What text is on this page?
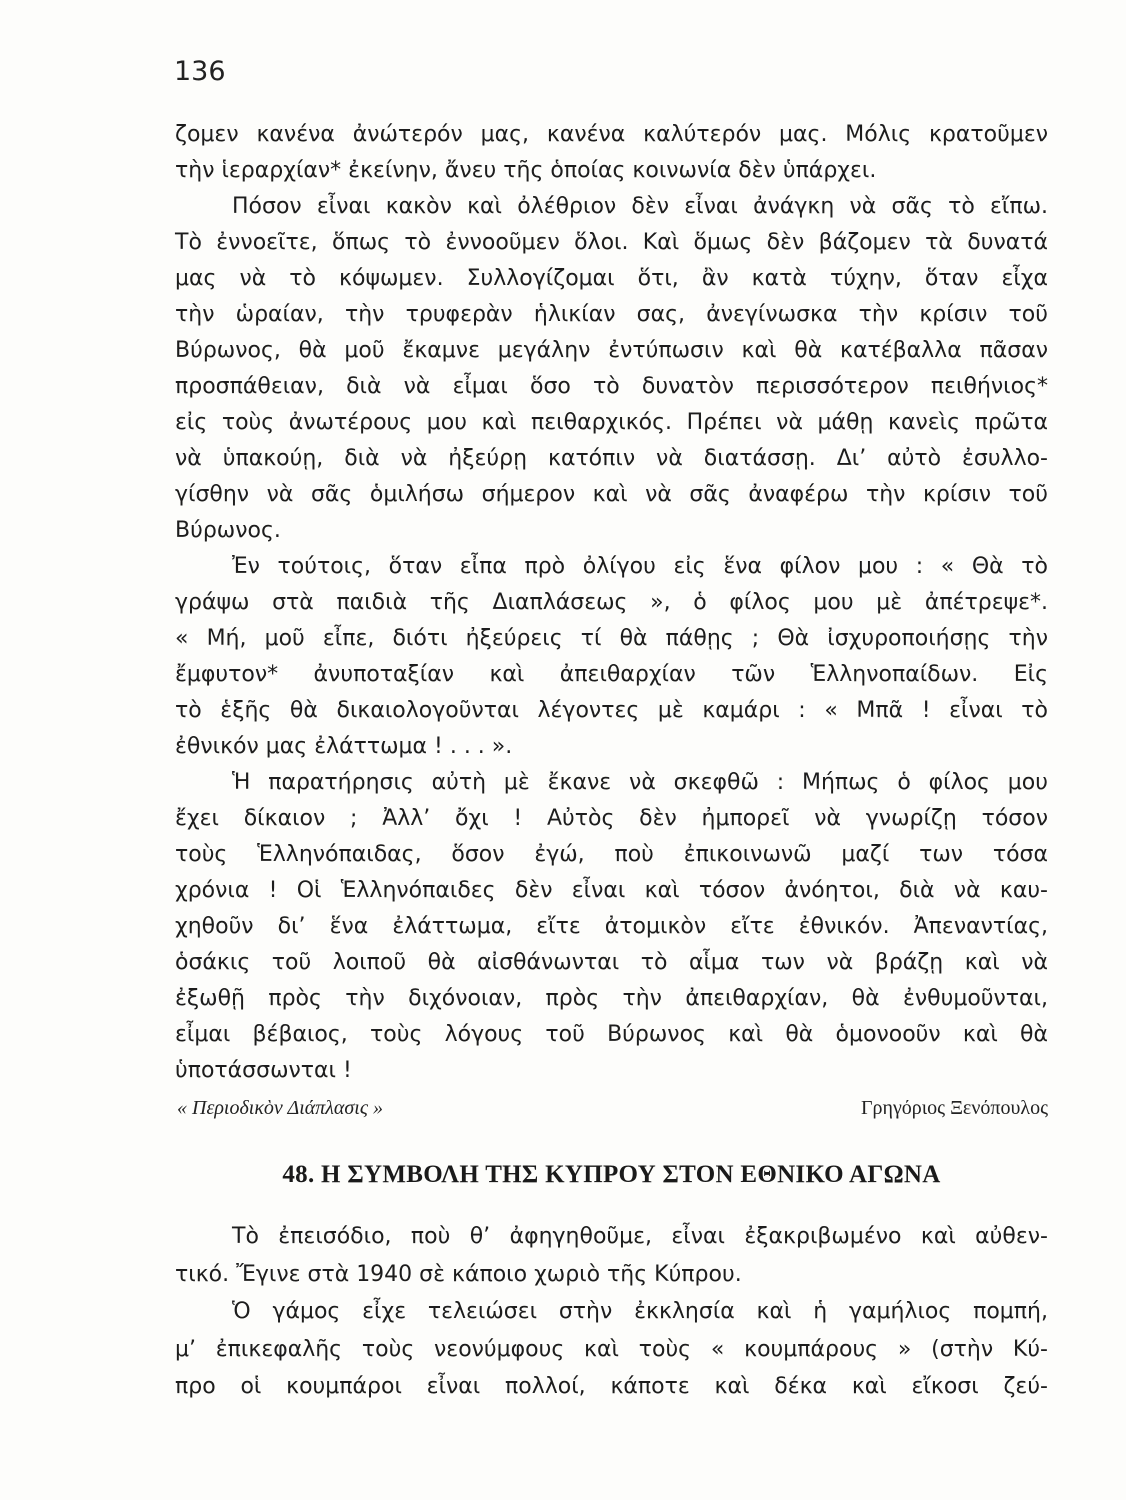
136
ζομεν κανένα ἀνώτερόν μας, κανένα καλύτερόν μας. Μόλις κρατοῦμεν
τὴν ἱεραρχίαν* ἐκείνην, ἄνευ τῆς ὁποίας κοινωνία δὲν ὑπάρχει.
Πόσον εἶναι κακὸν καὶ ὀλέθριον δὲν εἶναι ἀνάγκη νὰ σᾶς τὸ εἴπω.
Τὸ ἐννοεῖτε, ὅπως τὸ ἐννοοῦμεν ὅλοι. Καὶ ὅμως δὲν βάζομεν τὰ δυνατά
μας νὰ τὸ κόψωμεν. Συλλογίζομαι ὅτι, ἂν κατὰ τύχην, ὅταν εἶχα
τὴν ὡραίαν, τὴν τρυφερὰν ἡλικίαν σας, ἀνεγίνωσκα τὴν κρίσιν τοῦ
Βύρωνος, θὰ μοῦ ἔκαμνε μεγάλην ἐντύπωσιν καὶ θὰ κατέβαλλα πᾶσαν
προσπάθειαν, διὰ νὰ εἶμαι ὅσο τὸ δυνατὸν περισσότερον πειθήνιος*
εἰς τοὺς ἀνωτέρους μου καὶ πειθαρχικός. Πρέπει νὰ μάθῃ κανεὶς πρῶτα
νὰ ὑπακούῃ, διὰ νὰ ἠξεύρῃ κατόπιν νὰ διατάσσῃ. Δι’ αὐτὸ ἐσυλλο-
γίσθην νὰ σᾶς ὁμιλήσω σήμερον καὶ νὰ σᾶς ἀναφέρω τὴν κρίσιν τοῦ
Βύρωνος.
Ἐν τούτοις, ὅταν εἶπα πρὸ ὀλίγου εἰς ἕνα φίλον μου : « Θὰ τὸ
γράψω στὰ παιδιὰ τῆς Διαπλάσεως », ὁ φίλος μου μὲ ἀπέτρεψε*.
« Μή, μοῦ εἶπε, διότι ἠξεύρεις τί θὰ πάθῃς ; Θὰ ἰσχυροποιήσῃς τὴν
ἔμφυτον* ἀνυποταξίαν καὶ ἀπειθαρχίαν τῶν Ἑλληνοπαίδων. Εἰς
τὸ ἑξῆς θὰ δικαιολογοῦνται λέγοντες μὲ καμάρι : « Μπᾶ ! εἶναι τὸ
ἐθνικόν μας ἐλάττωμα ! . . . ».
Ἡ παρατήρησις αὐτὴ μὲ ἔκανε νὰ σκεφθῶ : Μήπως ὁ φίλος μου
ἔχει δίκαιον ; Ἀλλ’ ὄχι ! Αὐτὸς δὲν ἠμπορεῖ νὰ γνωρίζῃ τόσον
τοὺς Ἑλληνόπαιδας, ὅσον ἐγώ, ποὺ ἐπικοινωνῶ μαζί των τόσα
χρόνια ! Οἱ Ἑλληνόπαιδες δὲν εἶναι καὶ τόσον ἀνόητοι, διὰ νὰ καυ-
χηθοῦν δι’ ἕνα ἐλάττωμα, εἴτε ἀτομικὸν εἴτε ἐθνικόν. Ἀπεναντίας,
ὁσάκις τοῦ λοιποῦ θὰ αἰσθάνωνται τὸ αἷμα των νὰ βράζῃ καὶ νὰ
ἐξωθῇ πρὸς τὴν διχόνοιαν, πρὸς τὴν ἀπειθαρχίαν, θὰ ἐνθυμοῦνται,
εἶμαι βέβαιος, τοὺς λόγους τοῦ Βύρωνος καὶ θὰ ὁμονοοῦν καὶ θὰ
ὑποτάσσωνται !
« Περιοδικὸν Διάπλασις »	Γρηγόριος Ξενόπουλος
48. Η ΣΥΜΒΟΛΗ ΤΗΣ ΚΥΠΡΟΥ ΣΤΟΝ ΕΘΝΙΚΟ ΑΓΩΝΑ
Τὸ ἐπεισόδιο, ποὺ θ’ ἀφηγηθοῦμε, εἶναι ἐξακριβωμένο καὶ αὐθεν-
τικό. Ἔγινε στὰ 1940 σὲ κάποιο χωριὸ τῆς Κύπρου.
Ὁ γάμος εἶχε τελειώσει στὴν ἐκκλησία καὶ ἡ γαμήλιος πομπή,
μ’ ἐπικεφαλῆς τοὺς νεονύμφους καὶ τοὺς « κουμπάρους » (στὴν Κύ-
προ οἱ κουμπάροι εἶναι πολλοί, κάποτε καὶ δέκα καὶ εἴκοσι ζεύ-
